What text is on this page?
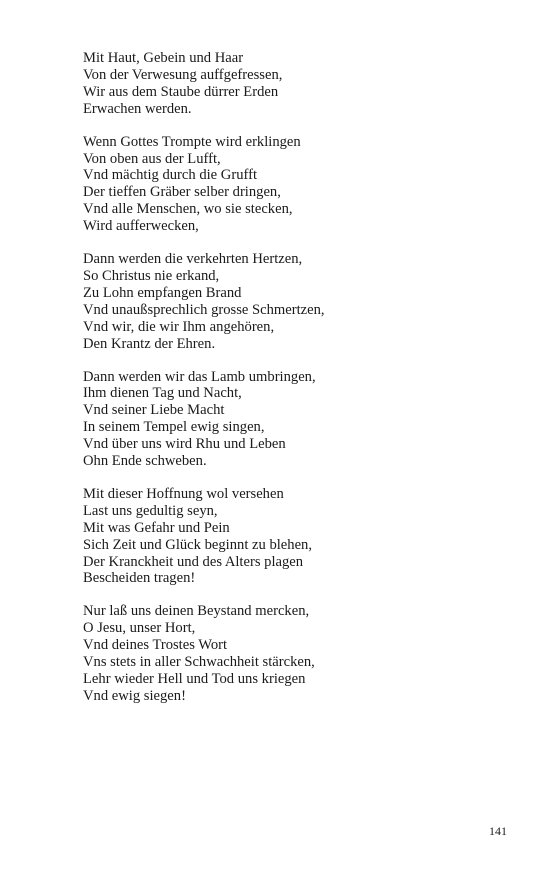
Mit Haut, Gebein und Haar
Von der Verwesung auffgefressen,
Wir aus dem Staube dürrer Erden
Erwachen werden.
Wenn Gottes Trompte wird erklingen
Von oben aus der Lufft,
Vnd mächtig durch die Grufft
Der tieffen Gräber selber dringen,
Vnd alle Menschen, wo sie stecken,
Wird aufferwecken,
Dann werden die verkehrten Hertzen,
So Christus nie erkand,
Zu Lohn empfangen Brand
Vnd unaußsprechlich grosse Schmertzen,
Vnd wir, die wir Ihm angehören,
Den Krantz der Ehren.
Dann werden wir das Lamb umbringen,
Ihm dienen Tag und Nacht,
Vnd seiner Liebe Macht
In seinem Tempel ewig singen,
Vnd über uns wird Rhu und Leben
Ohn Ende schweben.
Mit dieser Hoffnung wol versehen
Last uns gedultig seyn,
Mit was Gefahr und Pein
Sich Zeit und Glück beginnt zu blehen,
Der Kranckheit und des Alters plagen
Bescheiden tragen!
Nur laß uns deinen Beystand mercken,
O Jesu, unser Hort,
Vnd deines Trostes Wort
Vns stets in aller Schwachheit stärcken,
Lehr wieder Hell und Tod uns kriegen
Vnd ewig siegen!
141
